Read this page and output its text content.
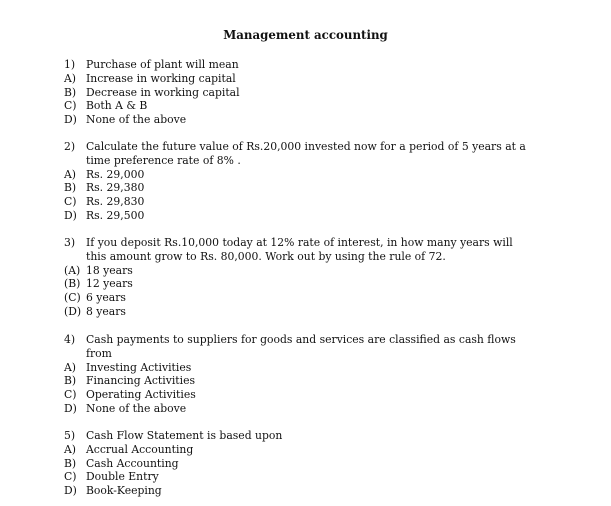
Management accounting
1) Purchase of plant will mean
A) Increase in working capital
B) Decrease in working capital
C) Both A & B
D) None of the above
2) Calculate the future value of Rs.20,000 invested now for a period of 5 years at a
time preference rate of 8% .
A) Rs. 29,000
B) Rs. 29,380
C) Rs. 29,830
D) Rs. 29,500
3) If you deposit Rs.10,000 today at 12% rate of interest, in how many years will
this amount grow to Rs. 80,000. Work out by using the rule of 72.
(A) 18 years
(B) 12 years
(C) 6 years
(D) 8 years
4) Cash payments to suppliers for goods and services are classified as cash flows
from
A) Investing Activities
B) Financing Activities
C) Operating Activities
D) None of the above
5) Cash Flow Statement is based upon
A) Accrual Accounting
B) Cash Accounting
C) Double Entry
D) Book-Keeping
